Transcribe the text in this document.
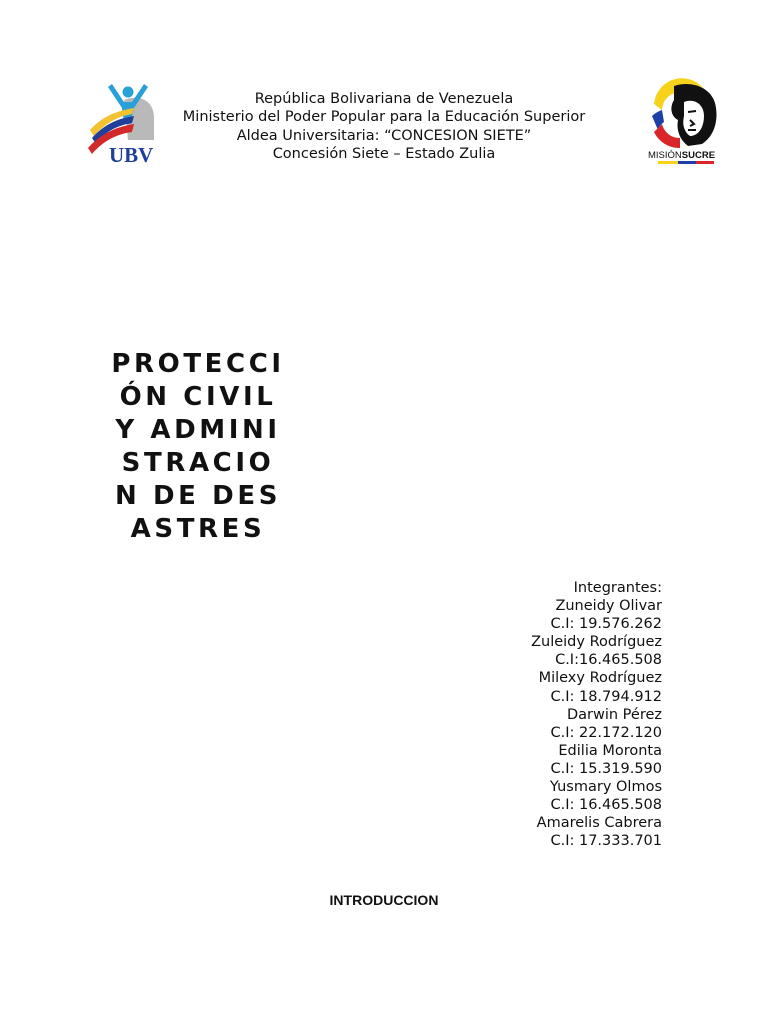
UBV	MISIÓNSUCRE
República Bolivariana de Venezuela
Ministerio del Poder Popular para la Educación Superior
Aldea Universitaria: “CONCESION SIETE”
Concesión Siete – Estado Zulia
PROTECCIÓN CIVIL Y ADMINISTRACION DE DESASTRES
Integrantes:
Zuneidy Olivar
C.I: 19.576.262
Zuleidy Rodríguez
C.I:16.465.508
Milexy Rodríguez
C.I: 18.794.912
Darwin Pérez
C.I: 22.172.120
Edilia Moronta
C.I: 15.319.590
Yusmary Olmos
C.I: 16.465.508
Amarelis Cabrera
C.I: 17.333.701
INTRODUCCION
